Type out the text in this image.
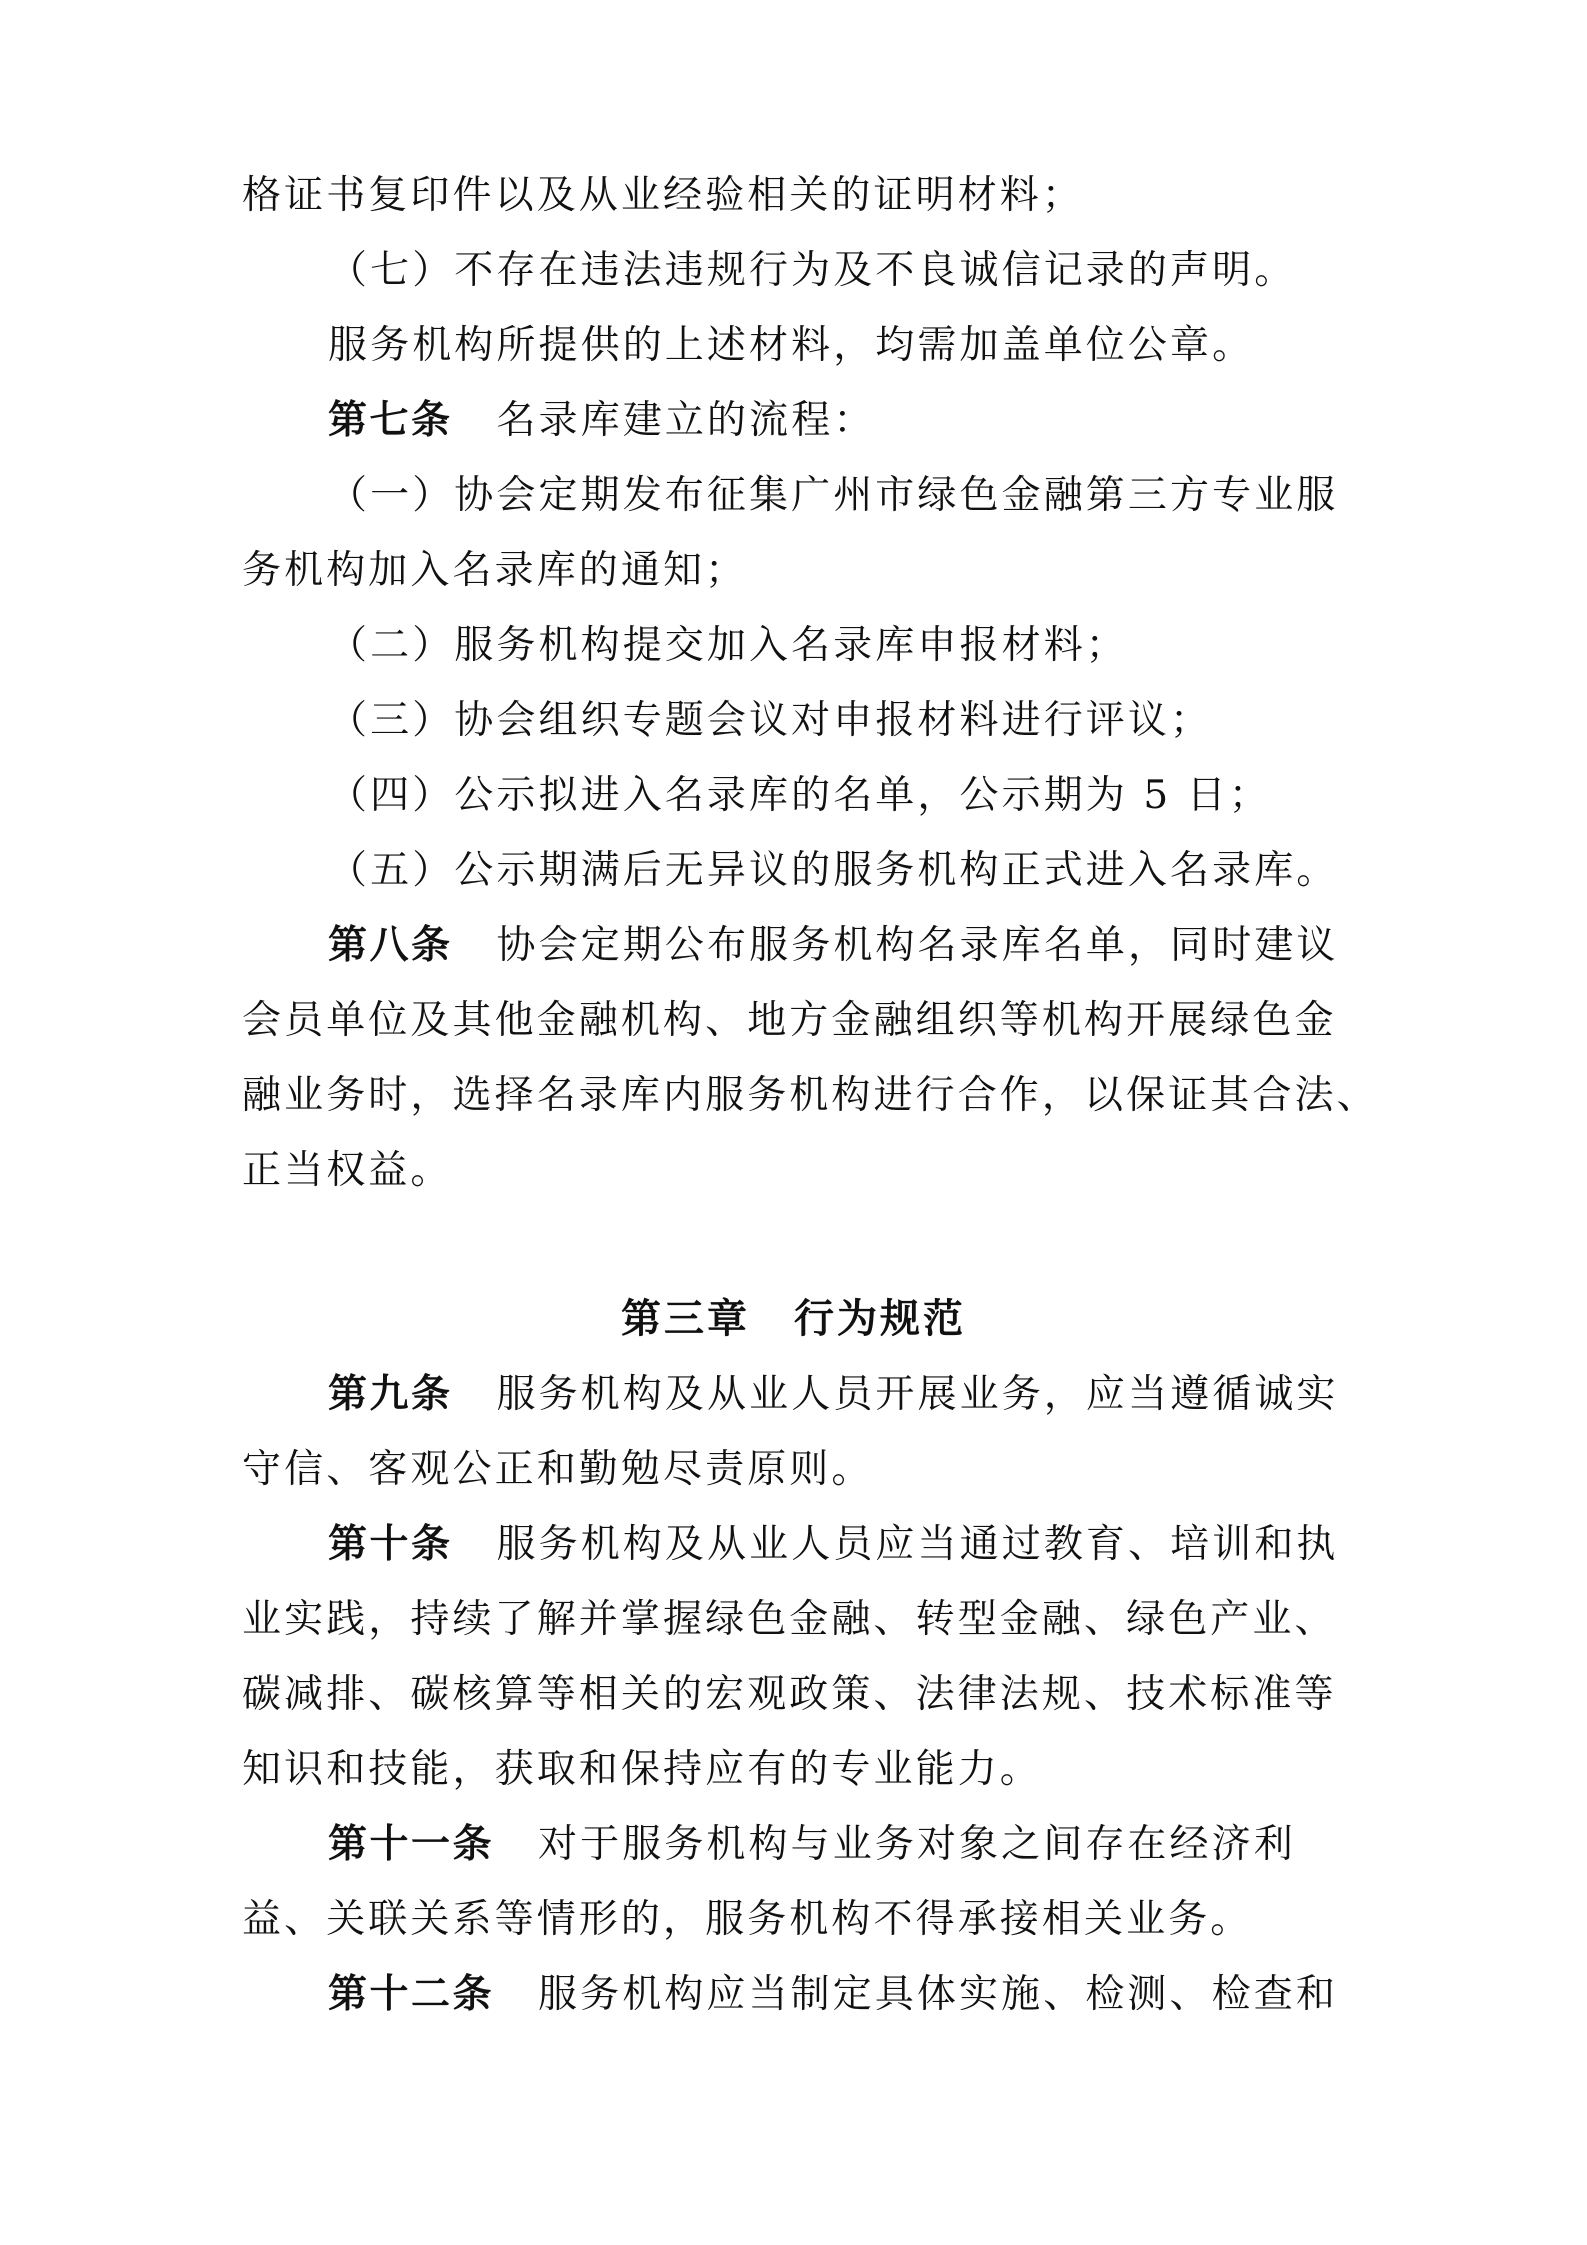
格证书复印件以及从业经验相关的证明材料；
（七）不存在违法违规行为及不良诚信记录的声明。
服务机构所提供的上述材料，均需加盖单位公章。
第七条 名录库建立的流程：
（一）协会定期发布征集广州市绿色金融第三方专业服
务机构加入名录库的通知；
（二）服务机构提交加入名录库申报材料；
（三）协会组织专题会议对申报材料进行评议；
（四）公示拟进入名录库的名单，公示期为 5 日；
（五）公示期满后无异议的服务机构正式进入名录库。
第八条 协会定期公布服务机构名录库名单，同时建议
会员单位及其他金融机构、地方金融组织等机构开展绿色金
融业务时，选择名录库内服务机构进行合作，以保证其合法、
正当权益。
第三章 行为规范
第九条 服务机构及从业人员开展业务，应当遵循诚实
守信、客观公正和勤勉尽责原则。
第十条 服务机构及从业人员应当通过教育、培训和执
业实践，持续了解并掌握绿色金融、转型金融、绿色产业、
碳减排、碳核算等相关的宏观政策、法律法规、技术标准等
知识和技能，获取和保持应有的专业能力。
第十一条 对于服务机构与业务对象之间存在经济利
益、关联关系等情形的，服务机构不得承接相关业务。
第十二条 服务机构应当制定具体实施、检测、检查和
